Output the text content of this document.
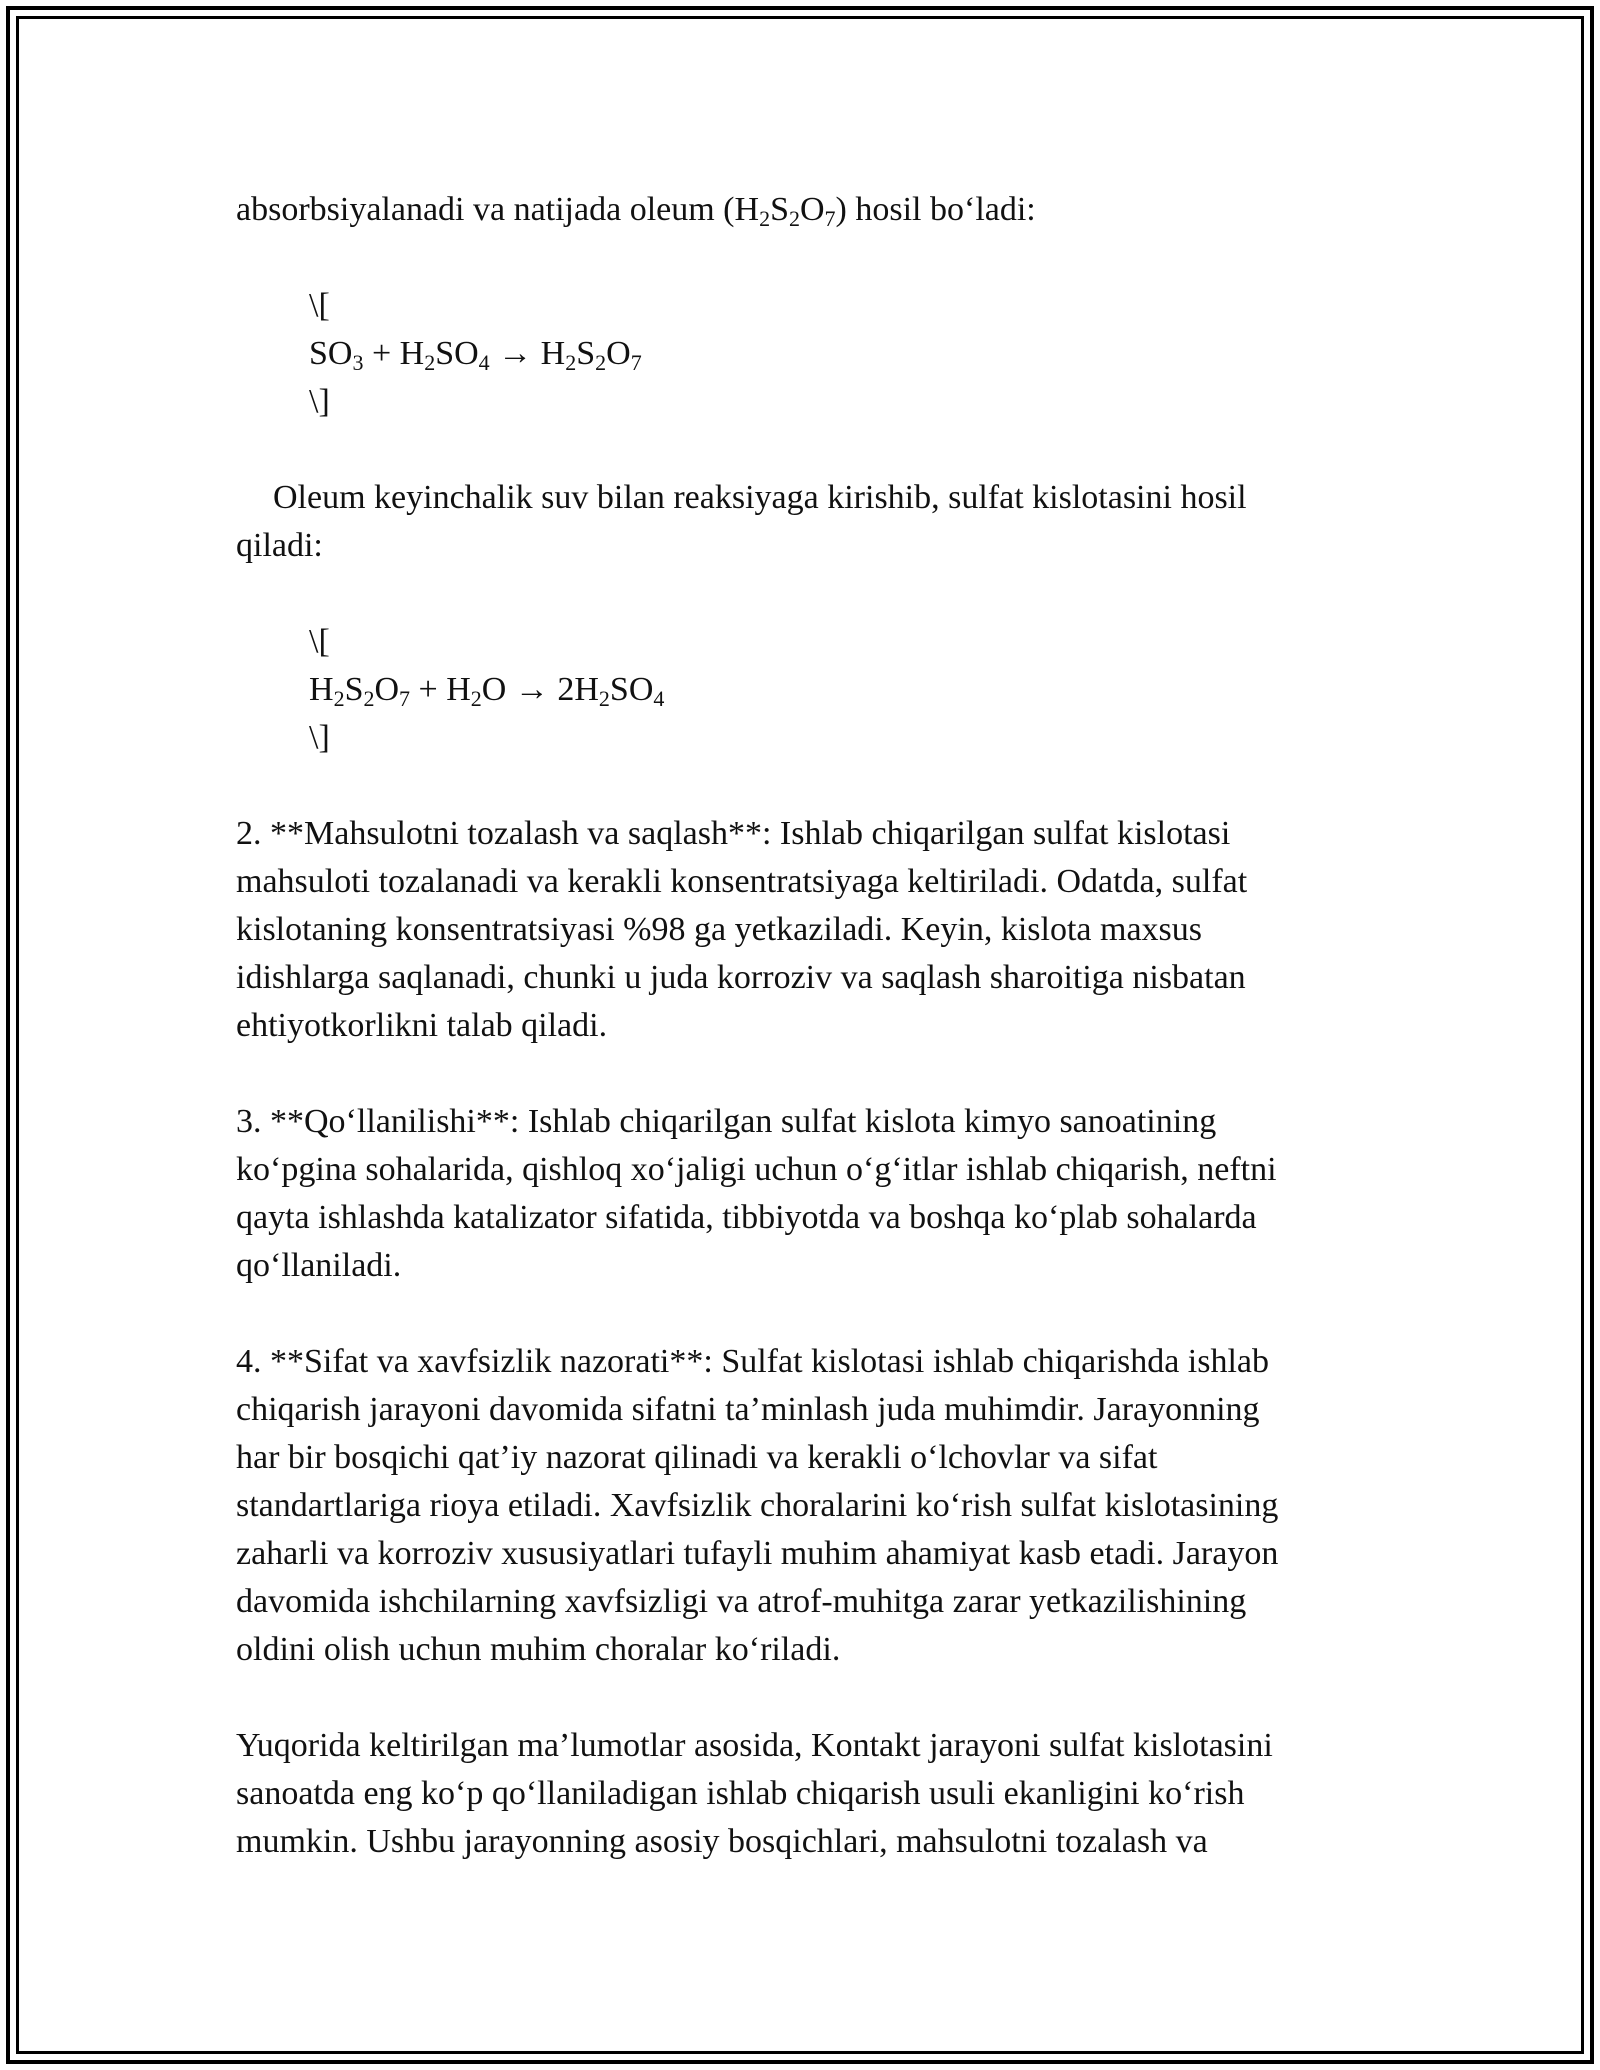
absorbsiyalanadi va natijada oleum $(H_2S_2O_7)$ hosil bo‘ladi:

\[

$SO_3 + H_2SO_4 \to H_2S_2O_7$

\]

Oleum keyinchalik suv bilan reaksiyaga kirishib, sulfat kislotasini hosil

qiladi:

\[

$H_2S_2O_7 + H_2O \to 2H_2SO_4$

\]

2. **Mahsulotni tozalash va saqlash**: Ishlab chiqarilgan sulfat kislotasi

mahsuloti tozalanadi va kerakli konsentratsiyaga keltiriladi. Odatda, sulfat

kislotaning konsentratsiyasi %98 ga yetkaziladi. Keyin, kislota maxsus

idishlarga saqlanadi, chunki u juda korroziv va saqlash sharoitiga nisbatan

ehtiyotkorlikni talab qiladi.

3. **Qo‘llanilishi**: Ishlab chiqarilgan sulfat kislota kimyo sanoatining

ko‘pgina sohalarida, qishloq xo‘jaligi uchun o‘g‘itlar ishlab chiqarish, neftni

qayta ishlashda katalizator sifatida, tibbiyotda va boshqa ko‘plab sohalarda

qo‘llaniladi.

4. **Sifat va xavfsizlik nazorati**: Sulfat kislotasi ishlab chiqarishda ishlab

chiqarish jarayoni davomida sifatni ta’minlash juda muhimdir. Jarayonning

har bir bosqichi qat’iy nazorat qilinadi va kerakli o‘lchovlar va sifat

standartlariga rioya etiladi. Xavfsizlik choralarini ko‘rish sulfat kislotasining

zaharli va korroziv xususiyatlari tufayli muhim ahamiyat kasb etadi. Jarayon

davomida ishchilarning xavfsizligi va atrof-muhitga zarar yetkazilishining

oldini olish uchun muhim choralar ko‘riladi.

Yuqorida keltirilgan ma’lumotlar asosida, Kontakt jarayoni sulfat kislotasini

sanoatda eng ko‘p qo‘llaniladigan ishlab chiqarish usuli ekanligini ko‘rish

mumkin. Ushbu jarayonning asosiy bosqichlari, mahsulotni tozalash va
